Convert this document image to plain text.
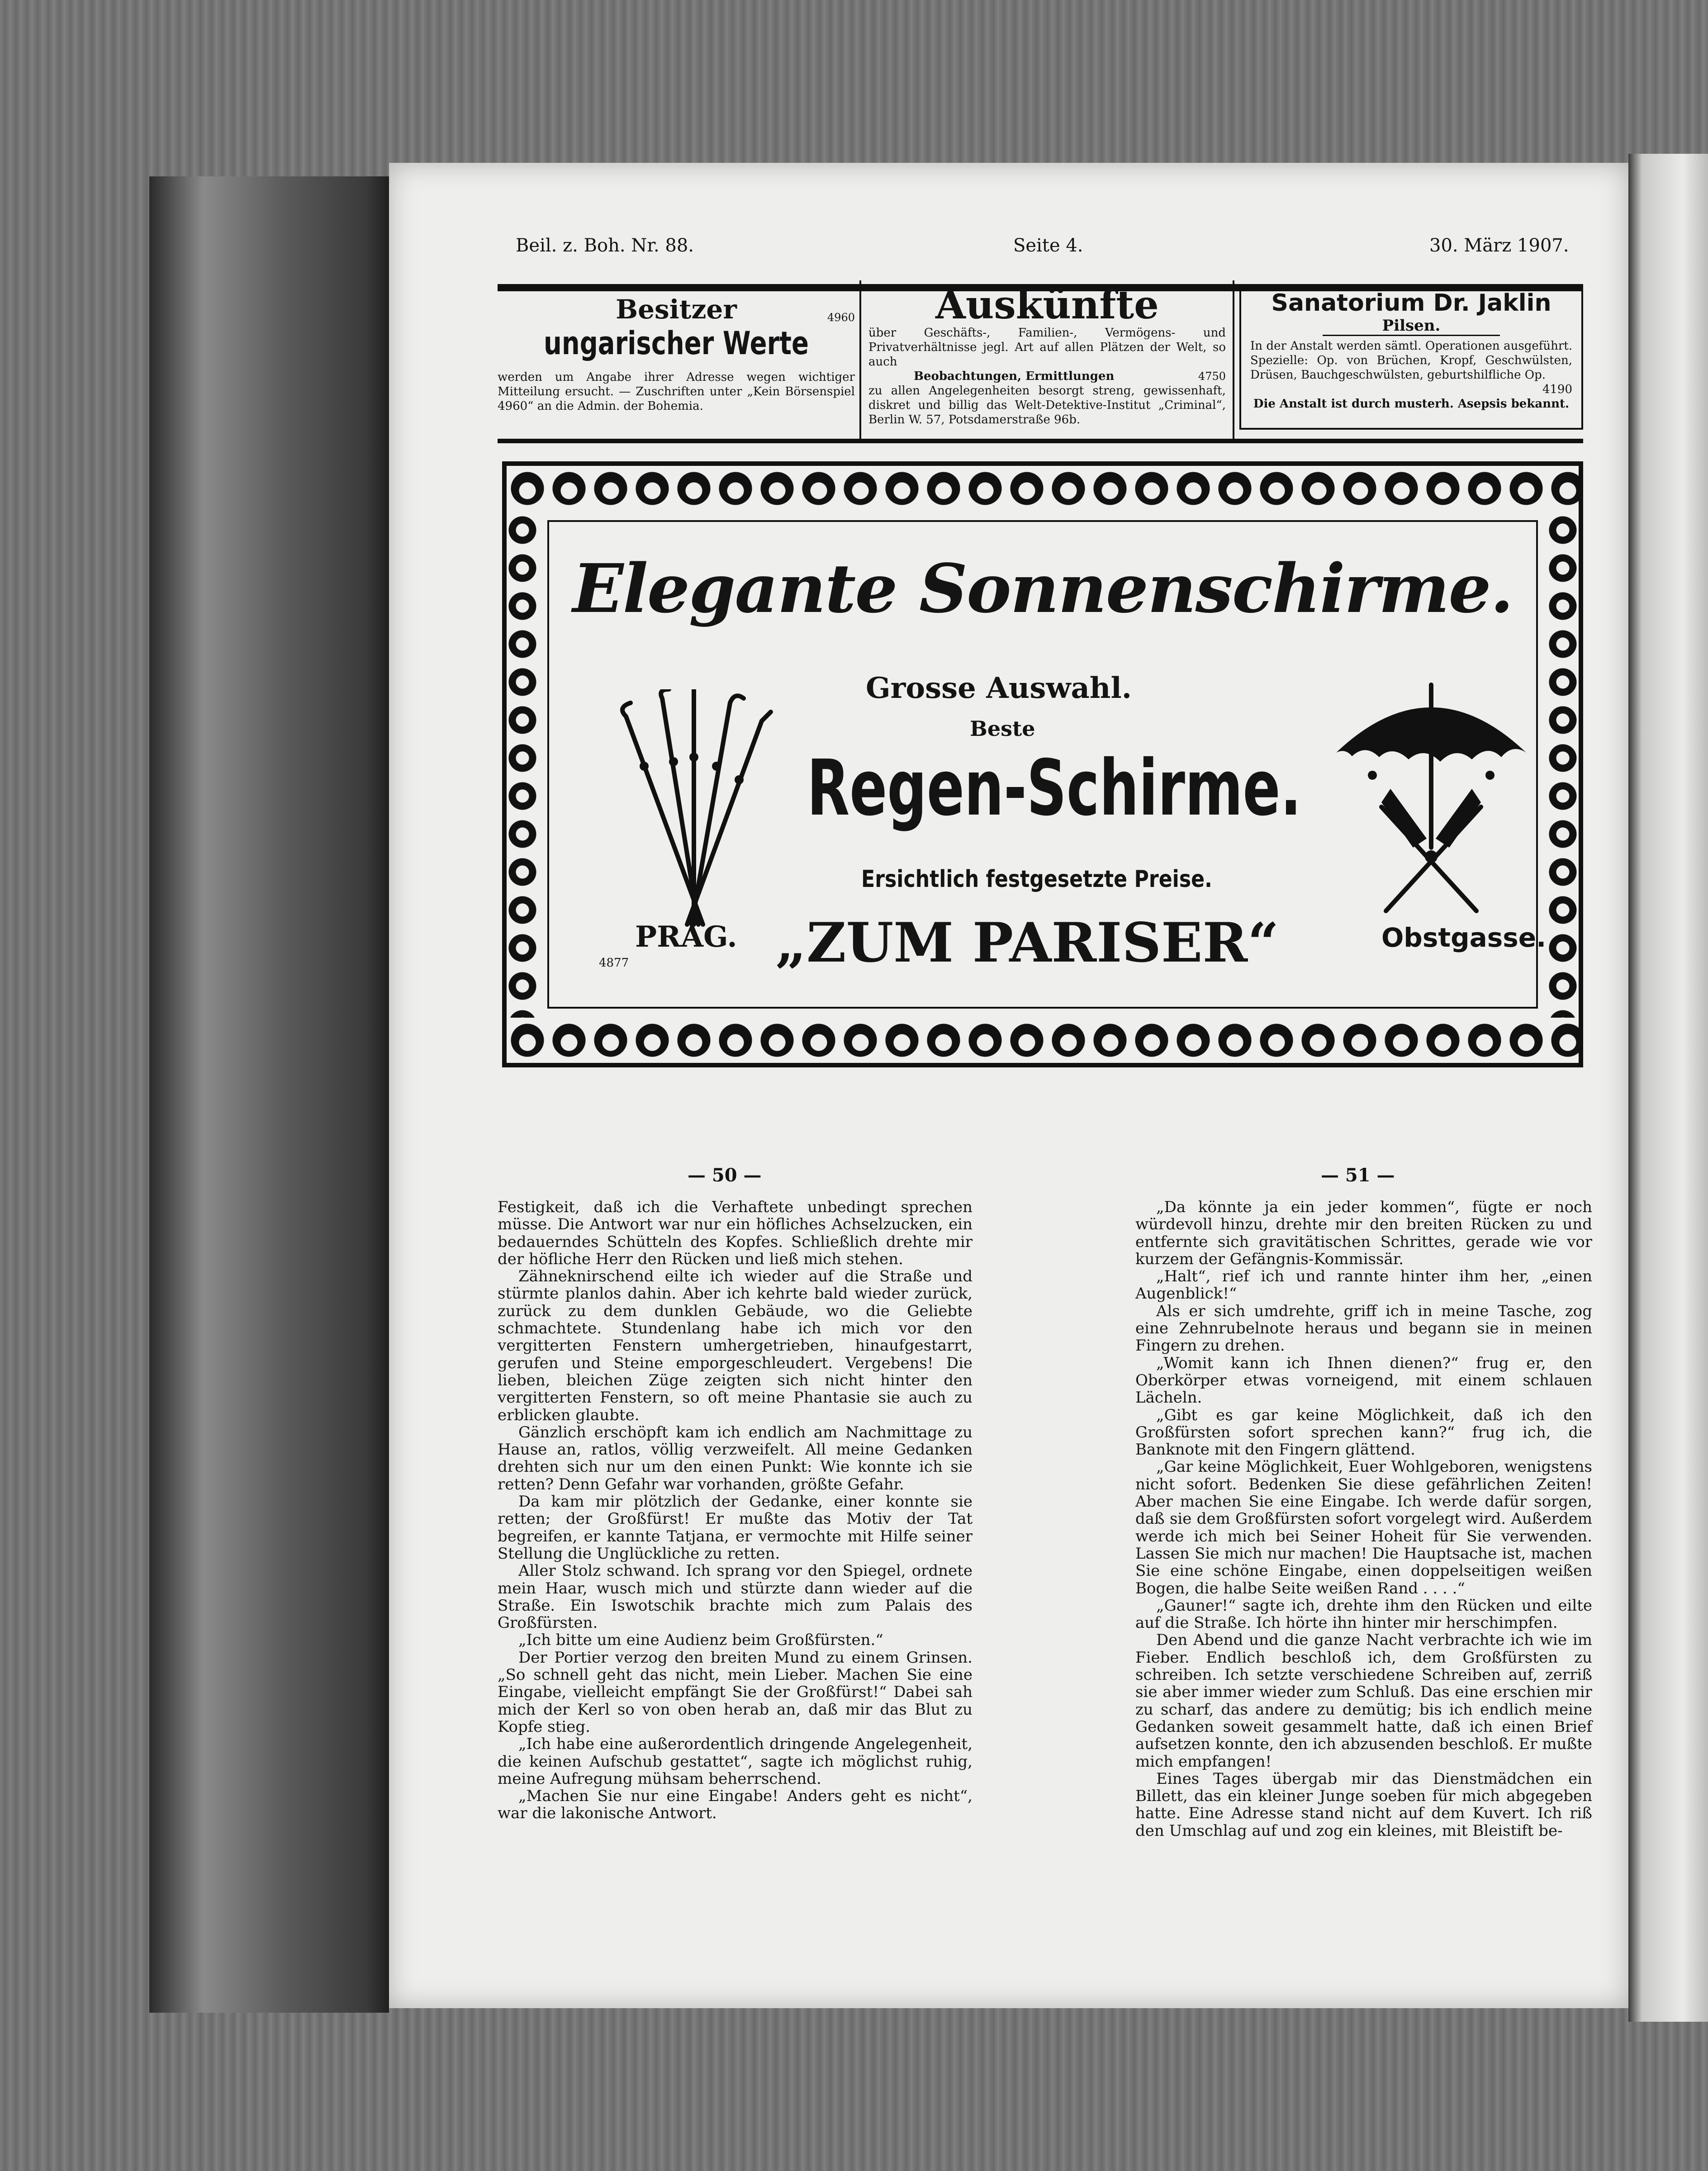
Beil. z. Boh. Nr. 88.	Seite 4.	30. März 1907.
Besitzer
ungarischer Werte
4960
werden um Angabe ihrer Adresse wegen wichtiger Mitteilung ersucht. — Zuschriften unter „Kein Börsenspiel 4960“ an die Admin. der Bohemia.
Auskünfte
über Geschäfts-, Familien-, Vermögens- und Privatverhältnisse jegl. Art auf allen Plätzen der Welt, so auch
Beobachtungen, Ermittlungen	4750
zu allen Angelegenheiten besorgt streng, gewissenhaft, diskret und billig das Welt-Detektive-Institut „Criminal“, Berlin W. 57, Potsdamerstraße 96b.
Sanatorium Dr. Jaklin
Pilsen.
In der Anstalt werden sämtl. Operationen ausgeführt. Spezielle: Op. von Brüchen, Kropf, Geschwülsten, Drüsen, Bauchgeschwülsten, geburtshilfliche Op.
4190
Die Anstalt ist durch musterh. Asepsis bekannt.
Elegante Sonnenschirme.
Grosse Auswahl.
Beste
Regen-Schirme.
Ersichtlich festgesetzte Preise.
PRAG. „ZUM PARISER“	Obstgasse.
4877
— 50 —	— 51 —

Festigkeit, daß ich die Verhaftete unbedingt sprechen müsse. Die Antwort war nur ein höfliches Achselzucken, ein bedauerndes Schütteln des Kopfes. Schließlich drehte mir der höfliche Herr den Rücken und ließ mich stehen.

Zähneknirschend eilte ich wieder auf die Straße und stürmte planlos dahin. Aber ich kehrte bald wieder zurück, zurück zu dem dunklen Gebäude, wo die Geliebte schmachtete. Stundenlang habe ich mich vor den vergitterten Fenstern umhergetrieben, hinaufgestarrt, gerufen und Steine emporgeschleudert. Vergebens! Die lieben, bleichen Züge zeigten sich nicht hinter den vergitterten Fenstern, so oft meine Phantasie sie auch zu erblicken glaubte.

Gänzlich erschöpft kam ich endlich am Nachmittage zu Hause an, ratlos, völlig verzweifelt. All meine Gedanken drehten sich nur um den einen Punkt: Wie konnte ich sie retten? Denn Gefahr war vorhanden, größte Gefahr.

Da kam mir plötzlich der Gedanke, einer konnte sie retten; der Großfürst! Er mußte das Motiv der Tat begreifen, er kannte Tatjana, er vermochte mit Hilfe seiner Stellung die Unglückliche zu retten.

Aller Stolz schwand. Ich sprang vor den Spiegel, ordnete mein Haar, wusch mich und stürzte dann wieder auf die Straße. Ein Iswotschik brachte mich zum Palais des Großfürsten.

„Ich bitte um eine Audienz beim Großfürsten.“

Der Portier verzog den breiten Mund zu einem Grinsen. „So schnell geht das nicht, mein Lieber. Machen Sie eine Eingabe, vielleicht empfängt Sie der Großfürst!“ Dabei sah mich der Kerl so von oben herab an, daß mir das Blut zu Kopfe stieg.

„Ich habe eine außerordentlich dringende Angelegenheit, die keinen Aufschub gestattet“, sagte ich möglichst ruhig, meine Aufregung mühsam beherrschend.

„Machen Sie nur eine Eingabe! Anders geht es nicht“, war die lakonische Antwort.

„Da könnte ja ein jeder kommen“, fügte er noch würdevoll hinzu, drehte mir den breiten Rücken zu und entfernte sich gravitätischen Schrittes, gerade wie vor kurzem der Gefängnis-Kommissär.

„Halt“, rief ich und rannte hinter ihm her, „einen Augenblick!“

Als er sich umdrehte, griff ich in meine Tasche, zog eine Zehnrubelnote heraus und begann sie in meinen Fingern zu drehen.

„Womit kann ich Ihnen dienen?“ frug er, den Oberkörper etwas vorneigend, mit einem schlauen Lächeln.

„Gibt es gar keine Möglichkeit, daß ich den Großfürsten sofort sprechen kann?“ frug ich, die Banknote mit den Fingern glättend.

„Gar keine Möglichkeit, Euer Wohlgeboren, wenigstens nicht sofort. Bedenken Sie diese gefährlichen Zeiten! Aber machen Sie eine Eingabe. Ich werde dafür sorgen, daß sie dem Großfürsten sofort vorgelegt wird. Außerdem werde ich mich bei Seiner Hoheit für Sie verwenden. Lassen Sie mich nur machen! Die Hauptsache ist, machen Sie eine schöne Eingabe, einen doppelseitigen weißen Bogen, die halbe Seite weißen Rand . . . .“

„Gauner!“ sagte ich, drehte ihm den Rücken und eilte auf die Straße. Ich hörte ihn hinter mir herschimpfen.

Den Abend und die ganze Nacht verbrachte ich wie im Fieber. Endlich beschloß ich, dem Großfürsten zu schreiben. Ich setzte verschiedene Schreiben auf, zerriß sie aber immer wieder zum Schluß. Das eine erschien mir zu scharf, das andere zu demütig; bis ich endlich meine Gedanken soweit gesammelt hatte, daß ich einen Brief aufsetzen konnte, den ich abzusenden beschloß. Er mußte mich empfangen!

Eines Tages übergab mir das Dienstmädchen ein Billett, das ein kleiner Junge soeben für mich abgegeben hatte. Eine Adresse stand nicht auf dem Kuvert. Ich riß den Umschlag auf und zog ein kleines, mit Bleistift be-
